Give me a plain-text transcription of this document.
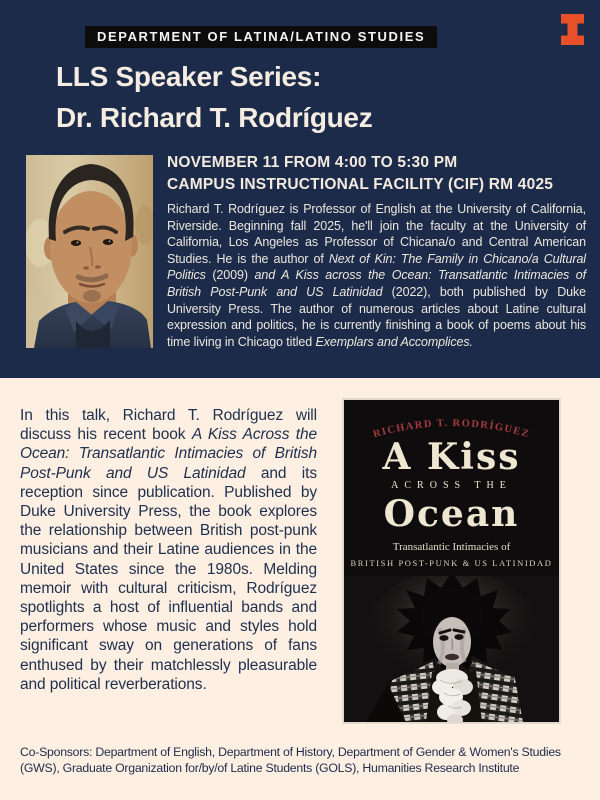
DEPARTMENT OF LATINA/LATINO STUDIES
LLS Speaker Series:
Dr. Richard T. Rodríguez
NOVEMBER 11 FROM 4:00 TO 5:30 PM
CAMPUS INSTRUCTIONAL FACILITY (CIF) RM 4025

Richard T. Rodríguez is Professor of English at the University of California, Riverside. Beginning fall 2025, he'll join the faculty at the University of California, Los Angeles as Professor of Chicana/o and Central American Studies. He is the author of Next of Kin: The Family in Chicano/a Cultural Politics (2009) and A Kiss across the Ocean: Transatlantic Intimacies of British Post-Punk and US Latinidad (2022), both published by Duke University Press. The author of numerous articles about Latine cultural expression and politics, he is currently finishing a book of poems about his time living in Chicago titled Exemplars and Accomplices.

In this talk, Richard T. Rodríguez will discuss his recent book A Kiss Across the Ocean: Transatlantic Intimacies of British Post-Punk and US Latinidad and its reception since publication. Published by Duke University Press, the book explores the relationship between British post-punk musicians and their Latine audiences in the United States since the 1980s. Melding memoir with cultural criticism, Rodríguez spotlights a host of influential bands and performers whose music and styles hold significant sway on generations of fans enthused by their matchlessly pleasurable and political reverberations.

RICHARD T. RODRÍGUEZ
A Kiss
ACROSS THE
Ocean
Transatlantic Intimacies of
BRITISH POST-PUNK & US LATINIDAD

Co-Sponsors: Department of English, Department of History, Department of Gender & Women's Studies (GWS), Graduate Organization for/by/of Latine Students (GOLS), Humanities Research Institute
